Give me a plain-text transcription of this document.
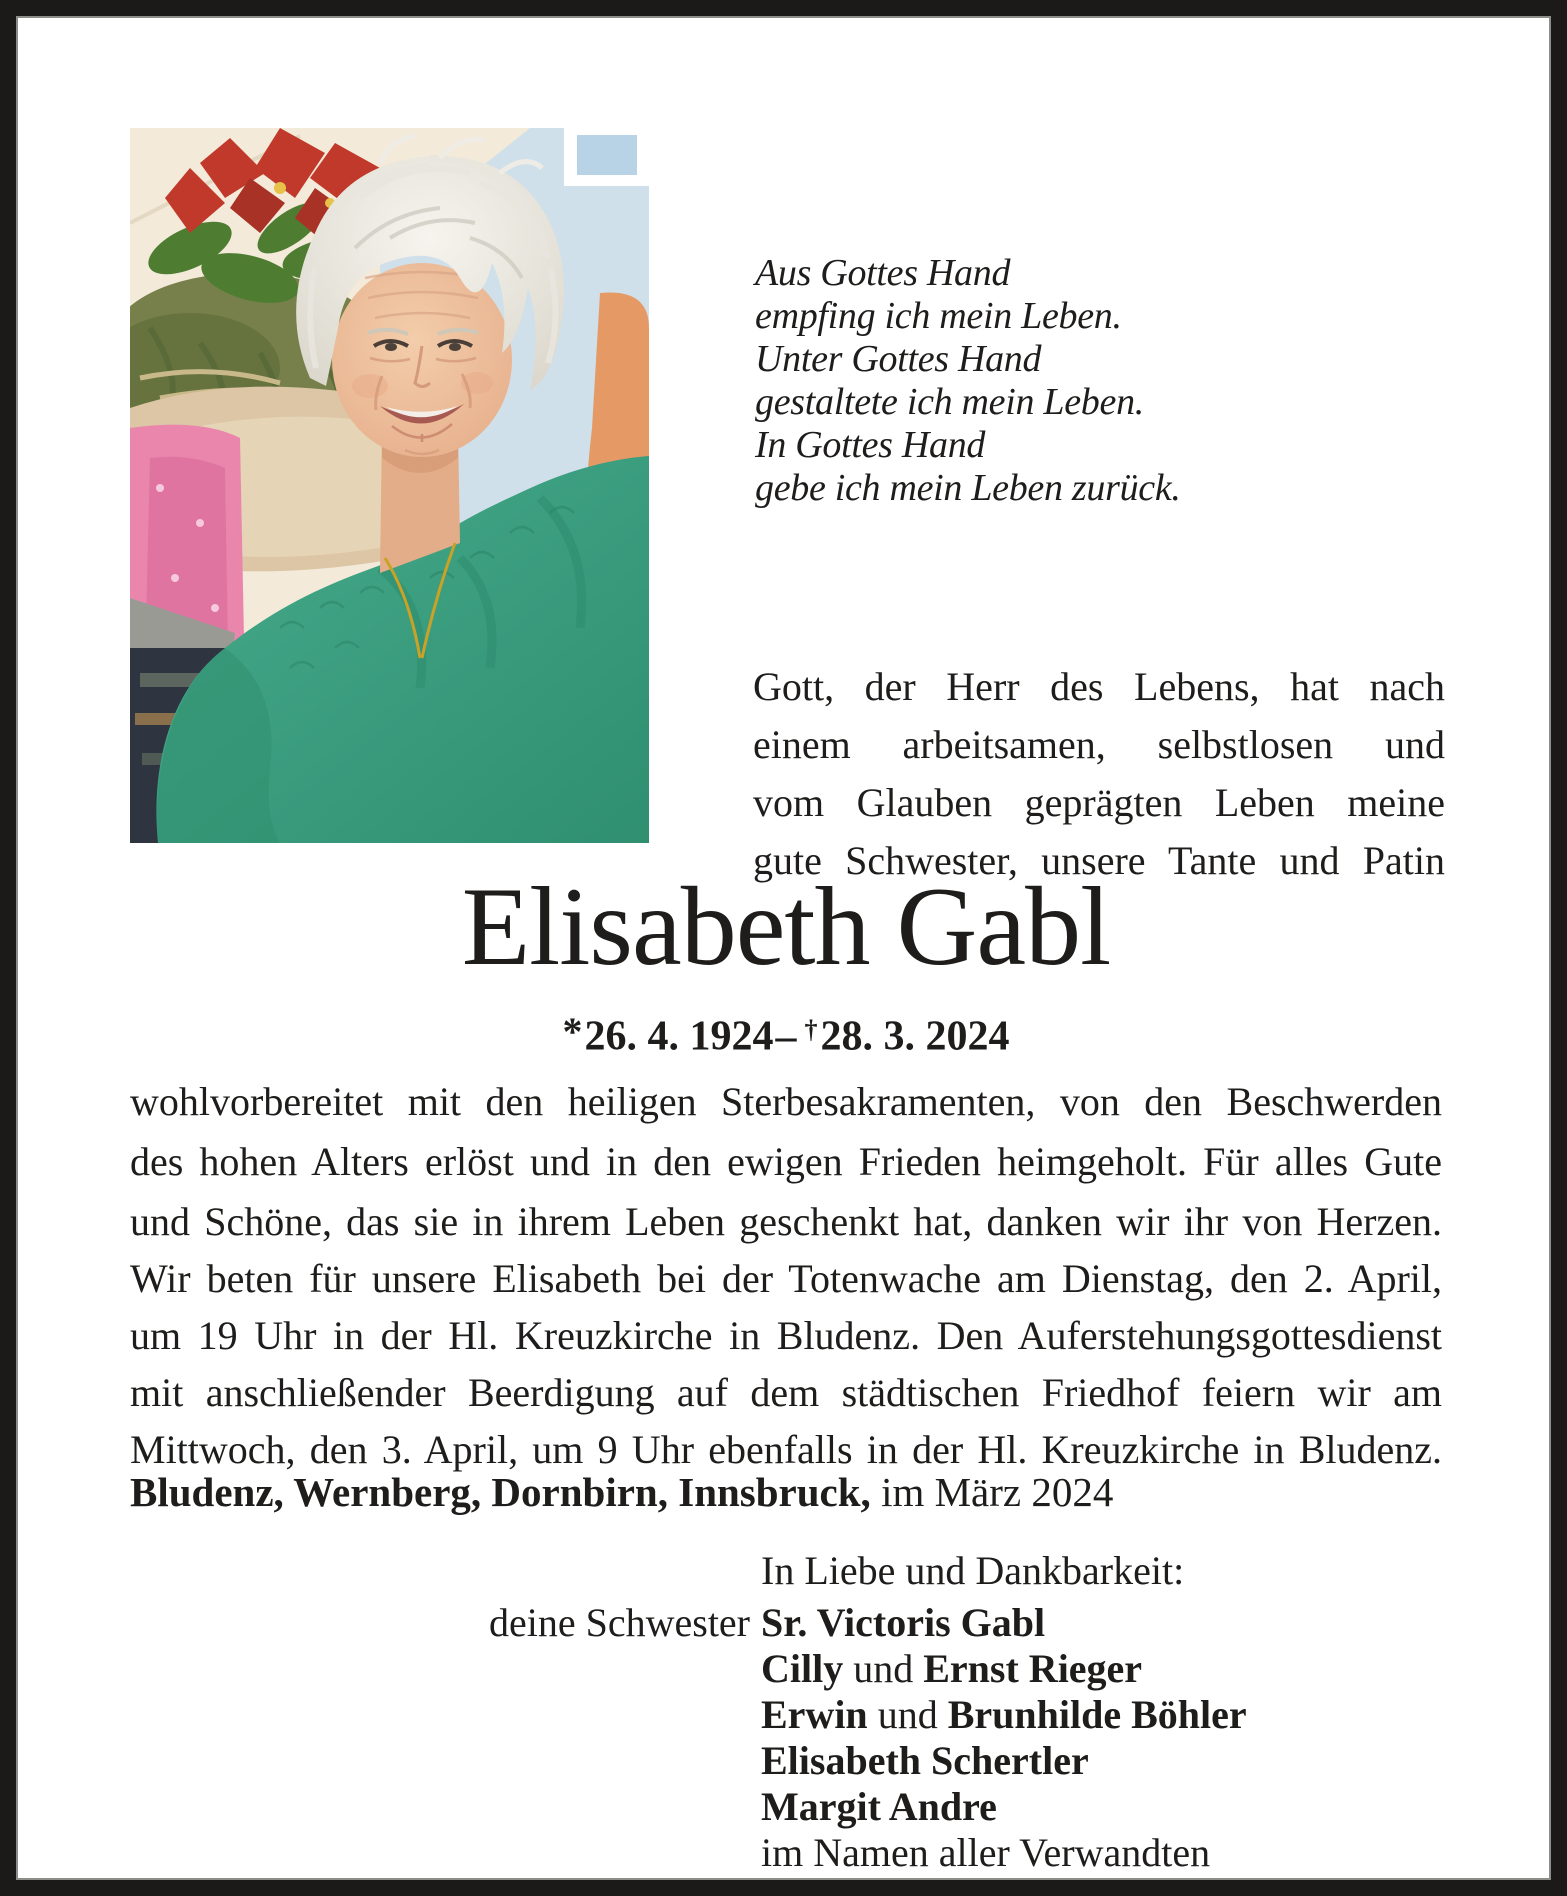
Aus Gottes Hand
empfing ich mein Leben.
Unter Gottes Hand
gestaltete ich mein Leben.
In Gottes Hand
gebe ich mein Leben zurück.
Gott, der Herr des Lebens, hat nach
einem arbeitsamen, selbstlosen und
vom Glauben geprägten Leben meine
gute Schwester, unsere Tante und Patin
Elisabeth Gabl
*26. 4. 1924– †28. 3. 2024
wohlvorbereitet mit den heiligen Sterbesakramenten, von den Beschwerden
des hohen Alters erlöst und in den ewigen Frieden heimgeholt. Für alles Gute
und Schöne, das sie in ihrem Leben geschenkt hat, danken wir ihr von Herzen.
Wir beten für unsere Elisabeth bei der Totenwache am Dienstag, den 2. April,
um 19 Uhr in der Hl. Kreuzkirche in Bludenz. Den Auferstehungsgottesdienst
mit anschließender Beerdigung auf dem städtischen Friedhof feiern wir am
Mittwoch, den 3. April, um 9 Uhr ebenfalls in der Hl. Kreuzkirche in Bludenz.
Bludenz, Wernberg, Dornbirn, Innsbruck, im März 2024
In Liebe und Dankbarkeit:
deine Schwester Sr. Victoris Gabl
Cilly und Ernst Rieger
Erwin und Brunhilde Böhler
Elisabeth Schertler
Margit Andre
im Namen aller Verwandten
